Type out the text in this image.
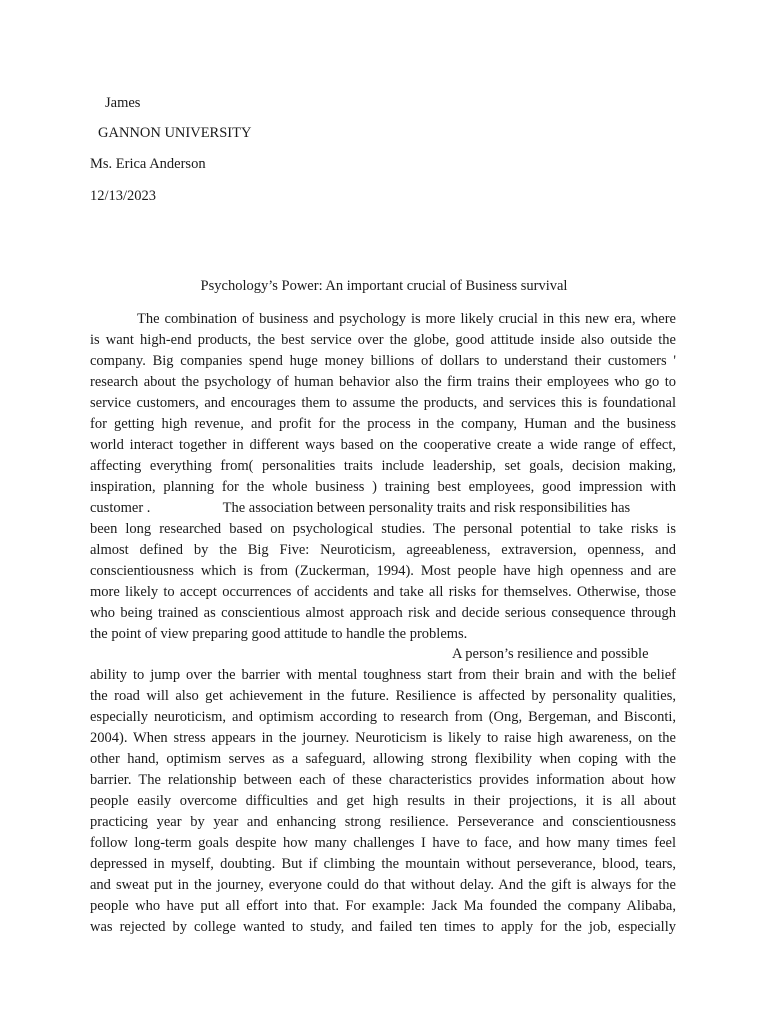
James
GANNON UNIVERSITY
Ms. Erica Anderson
12/13/2023
Psychology’s Power: An important crucial of Business survival
The combination of business and psychology is more likely crucial in this new era, where
is want high-end products, the best service over the globe, good attitude inside also outside the
company. Big companies spend huge money billions of dollars to understand their customers '
research about the psychology of human behavior also the firm trains their employees who go to
service customers, and encourages them to assume the products, and services this is foundational
for getting high revenue, and profit for the process in the company, Human and the business
world interact together in different ways based on the cooperative create a wide range of effect,
affecting everything from( personalities traits include leadership, set goals, decision making,
inspiration, planning for the whole business ) training best employees, good impression with
customer .                    The association between personality traits and risk responsibilities has
been long researched based on psychological studies. The personal potential to take risks is
almost defined by the Big Five: Neuroticism, agreeableness, extraversion, openness, and
conscientiousness which is from (Zuckerman, 1994). Most people have high openness and are
more likely to accept occurrences of accidents and take all risks for themselves. Otherwise, those
who being trained as conscientious almost approach risk and decide serious consequence through
the point of view preparing good attitude to handle the problems.
A person’s resilience and possible
ability to jump over the barrier with mental toughness start from their brain and with the belief
the road will also get achievement in the future. Resilience is affected by personality qualities,
especially neuroticism, and optimism according to research from (Ong, Bergeman, and Bisconti,
2004). When stress appears in the journey. Neuroticism is likely to raise high awareness, on the
other hand, optimism serves as a safeguard, allowing strong flexibility when coping with the
barrier. The relationship between each of these characteristics provides information about how
people easily overcome difficulties and get high results in their projections, it is all about
practicing year by year and enhancing strong resilience. Perseverance and conscientiousness
follow long-term goals despite how many challenges I have to face, and how many times feel
depressed in myself, doubting. But if climbing the mountain without perseverance, blood, tears,
and sweat put in the journey, everyone could do that without delay. And the gift is always for the
people who have put all effort into that. For example: Jack Ma founded the company Alibaba,
was rejected by college wanted to study, and failed ten times to apply for the job, especially
